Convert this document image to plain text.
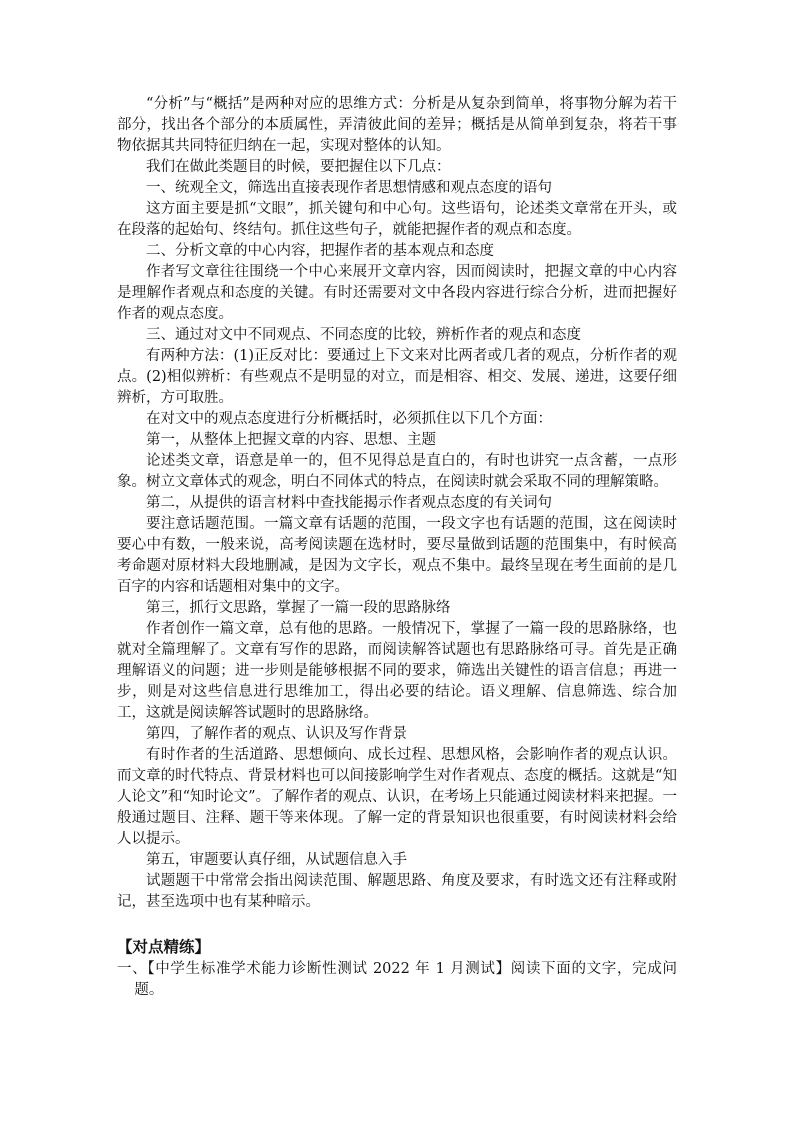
“分析”与“概括”是两种对应的思维方式：分析是从复杂到简单，将事物分解为若干部分，找出各个部分的本质属性，弄清彼此间的差异；概括是从简单到复杂，将若干事物依据其共同特征归纳在一起，实现对整体的认知。

我们在做此类题目的时候，要把握住以下几点：

一、统观全文，筛选出直接表现作者思想情感和观点态度的语句

这方面主要是抓“文眼”，抓关键句和中心句。这些语句，论述类文章常在开头，或在段落的起始句、终结句。抓住这些句子，就能把握作者的观点和态度。

二、分析文章的中心内容，把握作者的基本观点和态度

作者写文章往往围绕一个中心来展开文章内容，因而阅读时，把握文章的中心内容是理解作者观点和态度的关键。有时还需要对文中各段内容进行综合分析，进而把握好作者的观点态度。

三、通过对文中不同观点、不同态度的比较，辨析作者的观点和态度

有两种方法：(1)正反对比：要通过上下文来对比两者或几者的观点，分析作者的观点。(2)相似辨析：有些观点不是明显的对立，而是相容、相交、发展、递进，这要仔细辨析，方可取胜。

在对文中的观点态度进行分析概括时，必须抓住以下几个方面：

第一，从整体上把握文章的内容、思想、主题

论述类文章，语意是单一的，但不见得总是直白的，有时也讲究一点含蓄，一点形象。树立文章体式的观念，明白不同体式的特点，在阅读时就会采取不同的理解策略。

第二，从提供的语言材料中查找能揭示作者观点态度的有关词句

要注意话题范围。一篇文章有话题的范围，一段文字也有话题的范围，这在阅读时要心中有数，一般来说，高考阅读题在选材时，要尽量做到话题的范围集中，有时候高考命题对原材料大段地删减，是因为文字长，观点不集中。最终呈现在考生面前的是几百字的内容和话题相对集中的文字。

第三，抓行文思路，掌握了一篇一段的思路脉络

作者创作一篇文章，总有他的思路。一般情况下，掌握了一篇一段的思路脉络，也就对全篇理解了。文章有写作的思路，而阅读解答试题也有思路脉络可寻。首先是正确理解语义的问题；进一步则是能够根据不同的要求，筛选出关键性的语言信息；再进一步，则是对这些信息进行思维加工，得出必要的结论。语义理解、信息筛选、综合加工，这就是阅读解答试题时的思路脉络。

第四，了解作者的观点、认识及写作背景

有时作者的生活道路、思想倾向、成长过程、思想风格，会影响作者的观点认识。而文章的时代特点、背景材料也可以间接影响学生对作者观点、态度的概括。这就是“知人论文”和“知时论文”。了解作者的观点、认识，在考场上只能通过阅读材料来把握。一般通过题目、注释、题干等来体现。了解一定的背景知识也很重要，有时阅读材料会给人以提示。

第五，审题要认真仔细，从试题信息入手

试题题干中常常会指出阅读范围、解题思路、角度及要求，有时选文还有注释或附记，甚至选项中也有某种暗示。

【对点精练】

一、【中学生标准学术能力诊断性测试 2022 年 1 月测试】阅读下面的文字，完成问题。
